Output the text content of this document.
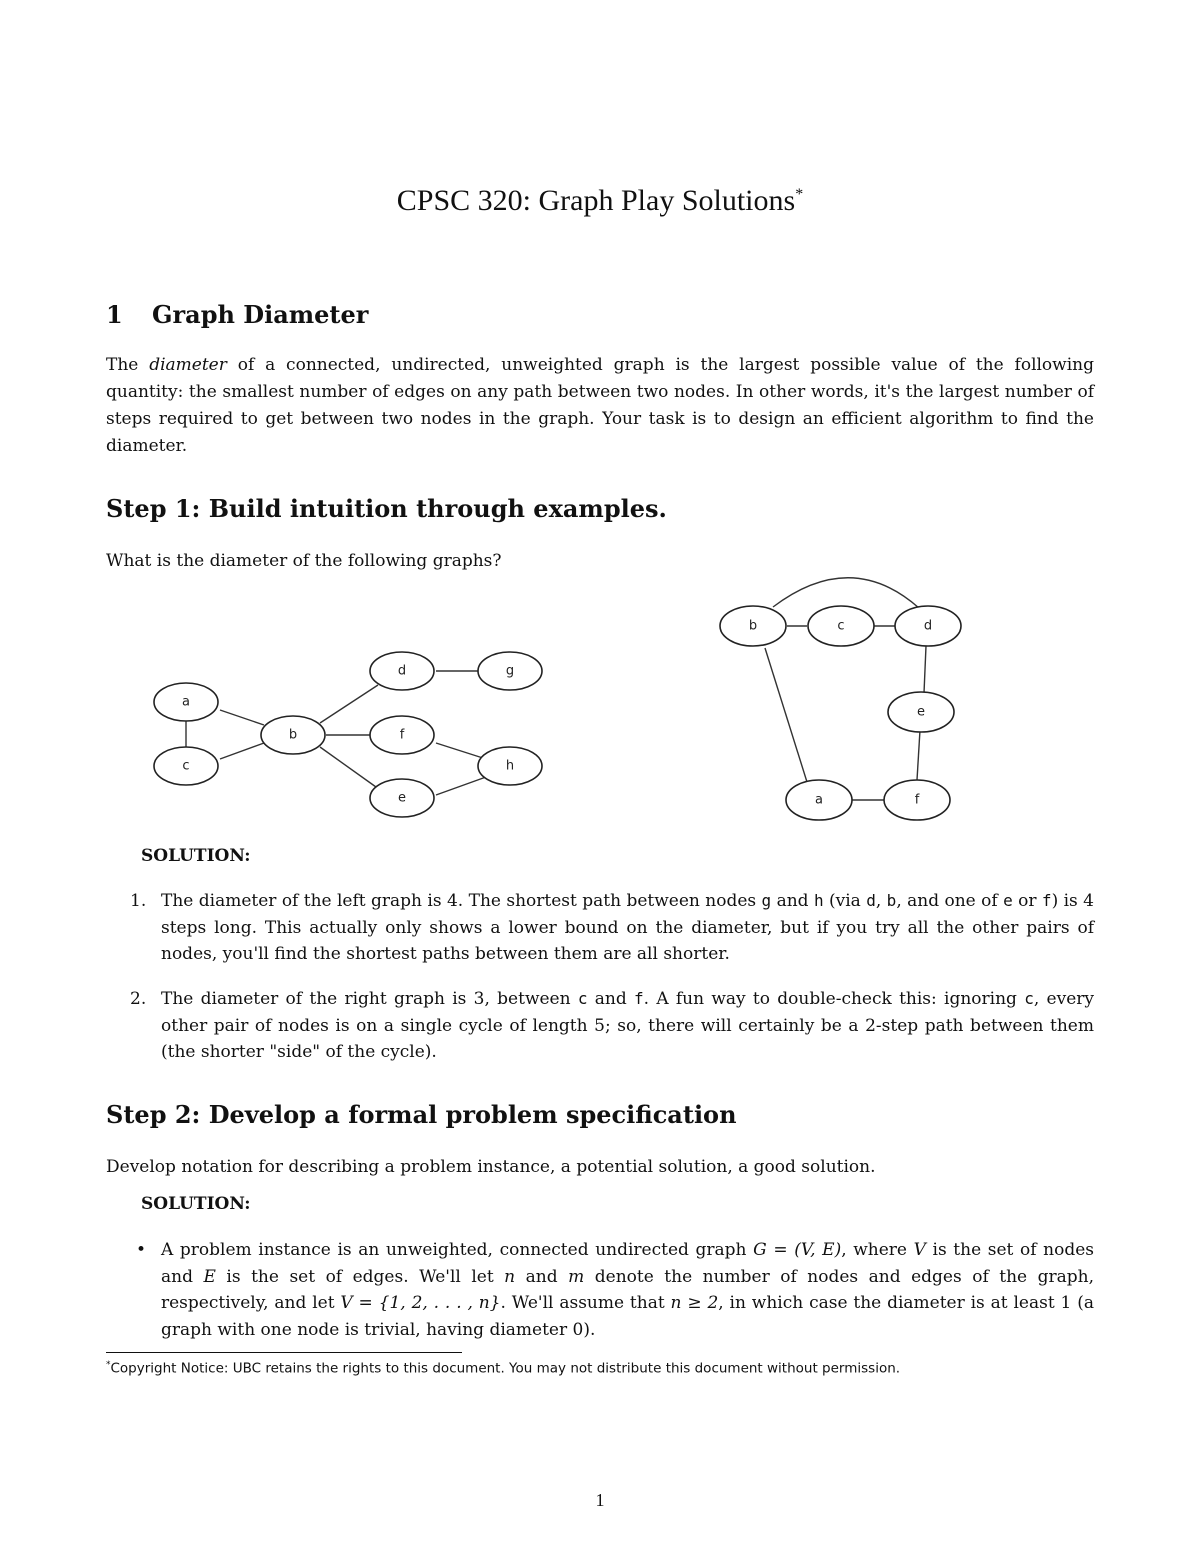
CPSC 320: Graph Play Solutions*
1 Graph Diameter

The diameter of a connected, undirected, unweighted graph is the largest possible value of the following quantity: the smallest number of edges on any path between two nodes. In other words, it's the largest number of steps required to get between two nodes in the graph. Your task is to design an efficient algorithm to find the diameter.

Step 1: Build intuition through examples.

What is the diameter of the following graphs?

a
c
b
d
f
e
g
h
b	c	d
e
a	f

SOLUTION:

1. The diameter of the left graph is 4. The shortest path between nodes g and h (via d, b, and one of e or f) is 4 steps long. This actually only shows a lower bound on the diameter, but if you try all the other pairs of nodes, you'll find the shortest paths between them are all shorter.
2. The diameter of the right graph is 3, between c and f. A fun way to double-check this: ignoring c, every other pair of nodes is on a single cycle of length 5; so, there will certainly be a 2-step path between them (the shorter "side" of the cycle).
Step 2: Develop a formal problem specification

Develop notation for describing a problem instance, a potential solution, a good solution.

SOLUTION:

• A problem instance is an unweighted, connected undirected graph G = (V, E), where V is the set of nodes and E is the set of edges. We'll let n and m denote the number of nodes and edges of the graph, respectively, and let V = {1, 2, . . . , n}. We'll assume that n ≥ 2, in which case the diameter is at least 1 (a graph with one node is trivial, having diameter 0).

*Copyright Notice: UBC retains the rights to this document. You may not distribute this document without permission.

1
